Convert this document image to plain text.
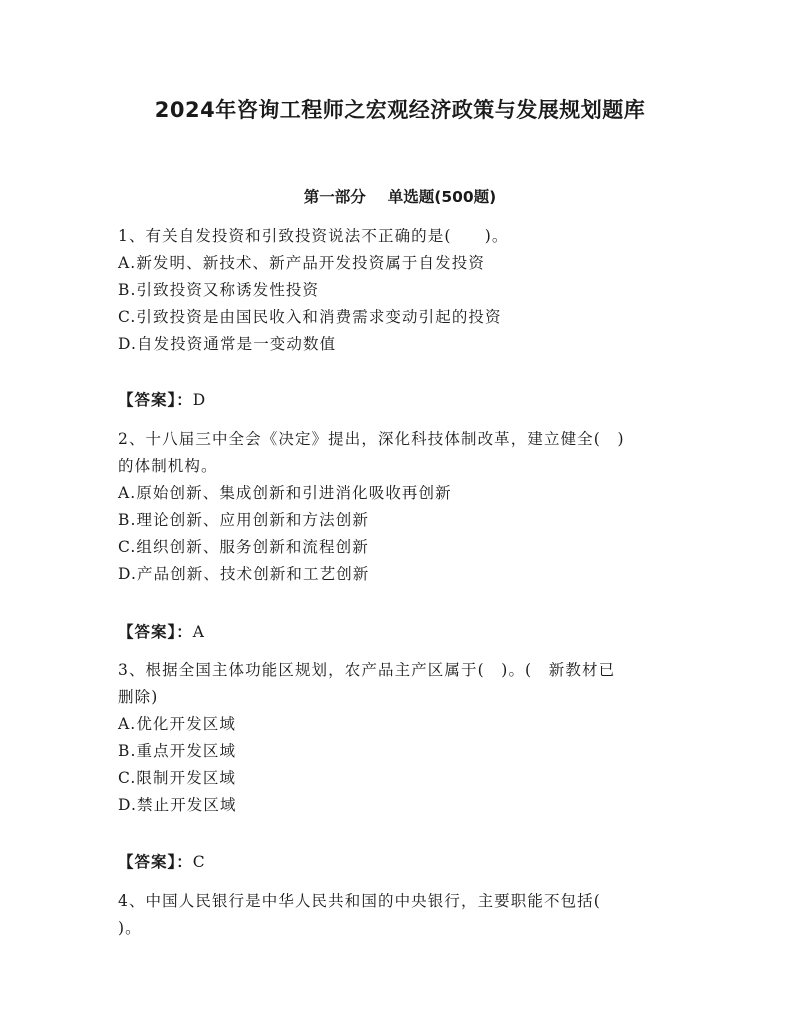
2024年咨询工程师之宏观经济政策与发展规划题库
第一部分 单选题(500题)
1、有关自发投资和引致投资说法不正确的是(　　)。
A.新发明、新技术、新产品开发投资属于自发投资
B.引致投资又称诱发性投资
C.引致投资是由国民收入和消费需求变动引起的投资
D.自发投资通常是一变动数值
【答案】：D
2、十八届三中全会《决定》提出，深化科技体制改革，建立健全(　)
的体制机构。
A.原始创新、集成创新和引进消化吸收再创新
B.理论创新、应用创新和方法创新
C.组织创新、服务创新和流程创新
D.产品创新、技术创新和工艺创新
【答案】：A
3、根据全国主体功能区规划，农产品主产区属于(　)。(　新教材已
删除)
A.优化开发区域
B.重点开发区域
C.限制开发区域
D.禁止开发区域
【答案】：C
4、中国人民银行是中华人民共和国的中央银行，主要职能不包括(
)。
